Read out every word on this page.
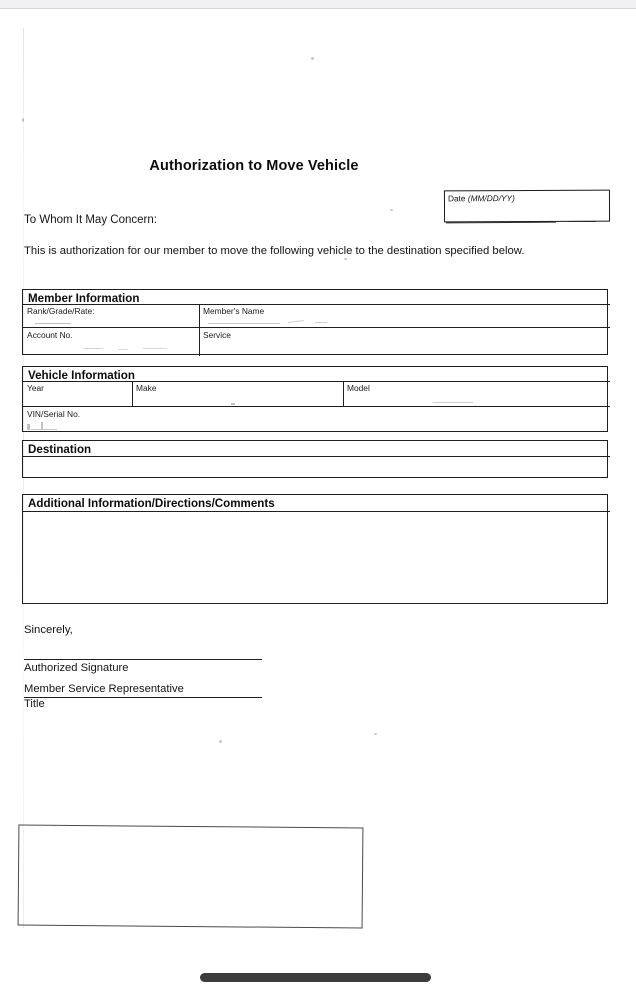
Authorization to Move Vehicle
Date (MM/DD/YY)
To Whom It May Concern:
This is authorization for our member to move the following vehicle to the destination specified below.
Member Information
Rank/Grade/Rate:	Member's Name
Account No.	Service
Vehicle Information
Year	Make	Model
VIN/Serial No.
Destination
Additional Information/Directions/Comments
Sincerely,
Authorized Signature
Member Service Representative
Title
